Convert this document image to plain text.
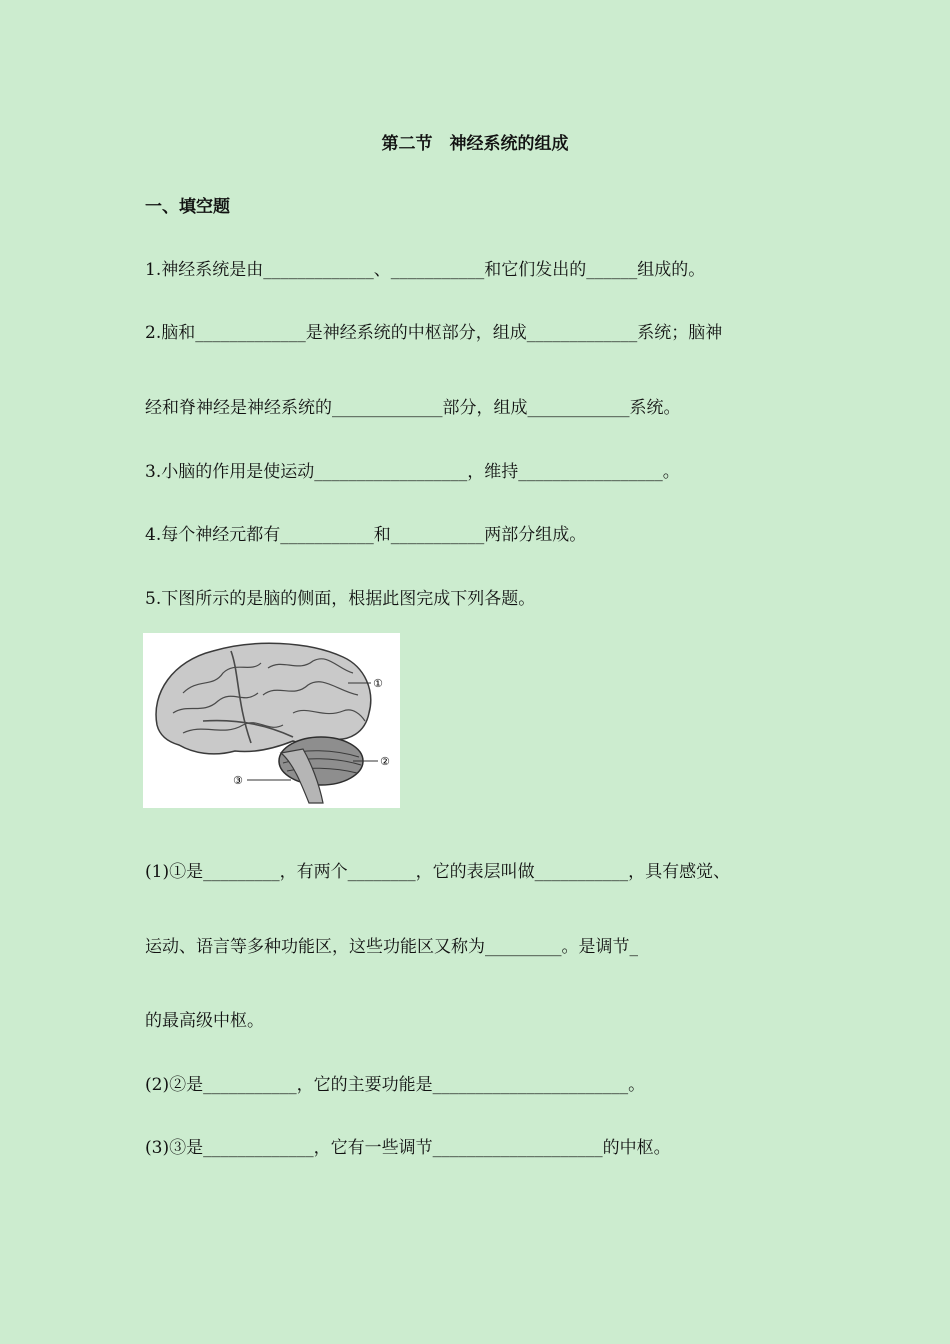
第二节　神经系统的组成
一、填空题
1.神经系统是由_____________、___________和它们发出的______组成的。
2.脑和_____________是神经系统的中枢部分，组成_____________系统；脑神
经和脊神经是神经系统的_____________部分，组成____________系统。
3.小脑的作用是使运动__________________，维持_________________。
4.每个神经元都有___________和___________两部分组成。
5.下图所示的是脑的侧面，根据此图完成下列各题。
①
②
③
(1)①是_________，有两个________，它的表层叫做___________，具有感觉、
运动、语言等多种功能区，这些功能区又称为_________。是调节_
的最高级中枢。
(2)②是___________，它的主要功能是_______________________。
(3)③是_____________，它有一些调节____________________的中枢。
